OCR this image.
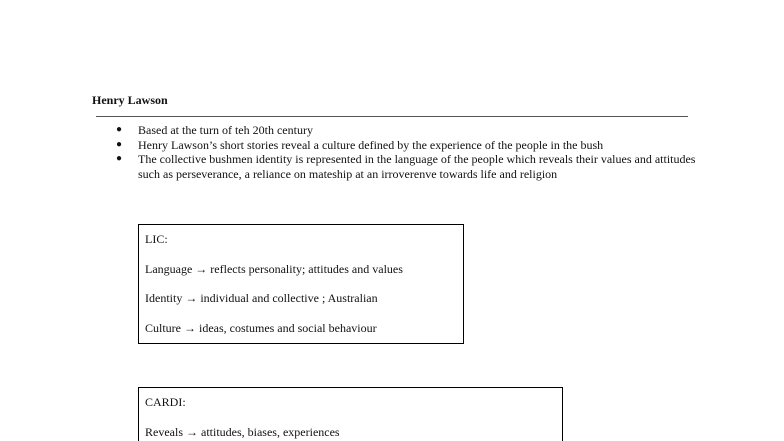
Henry Lawson
● Based at the turn of teh 20th century
● Henry Lawson’s short stories reveal a culture defined by the experience of the people in the bush
● The collective bushmen identity is represented in the language of the people which reveals their values and attitudes such as perseverance, a reliance on mateship at an irroverenve towards life and religion

LIC:

Language → reflects personality; attitudes and values

Identity → individual and collective ; Australian

Culture → ideas, costumes and social behaviour

CARDI:

Reveals → attitudes, biases, experiences
